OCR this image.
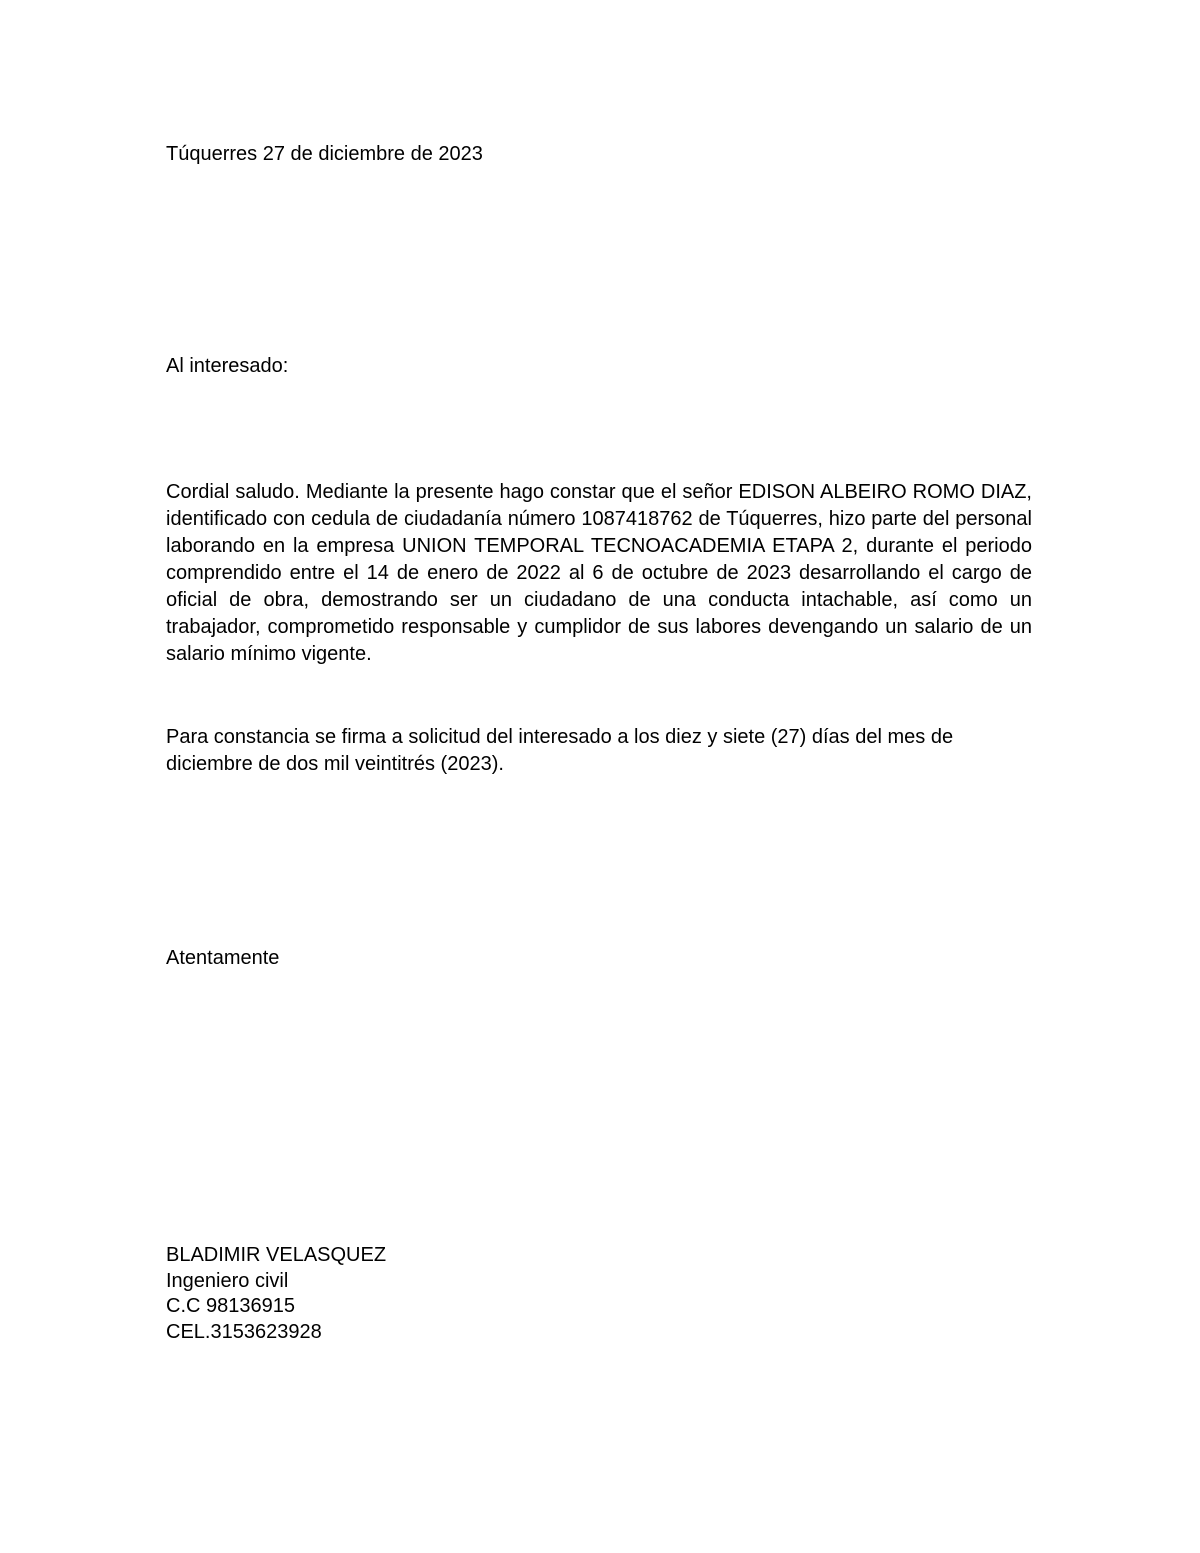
Túquerres 27 de diciembre de 2023

Al interesado:

Cordial saludo. Mediante la presente hago constar que el señor EDISON ALBEIRO ROMO DIAZ, identificado con cedula de ciudadanía número 1087418762 de Túquerres, hizo parte del personal laborando en la empresa UNION TEMPORAL TECNOACADEMIA ETAPA 2, durante el periodo comprendido entre el 14 de enero de 2022 al 6 de octubre de 2023 desarrollando el cargo de oficial de obra, demostrando ser un ciudadano de una conducta intachable, así como un trabajador, comprometido responsable y cumplidor de sus labores devengando un salario de un salario mínimo vigente.

Para constancia se firma a solicitud del interesado a los diez y siete (27) días del mes de diciembre de dos mil veintitrés (2023).

Atentamente

BLADIMIR VELASQUEZ
Ingeniero civil
C.C 98136915
CEL.3153623928
